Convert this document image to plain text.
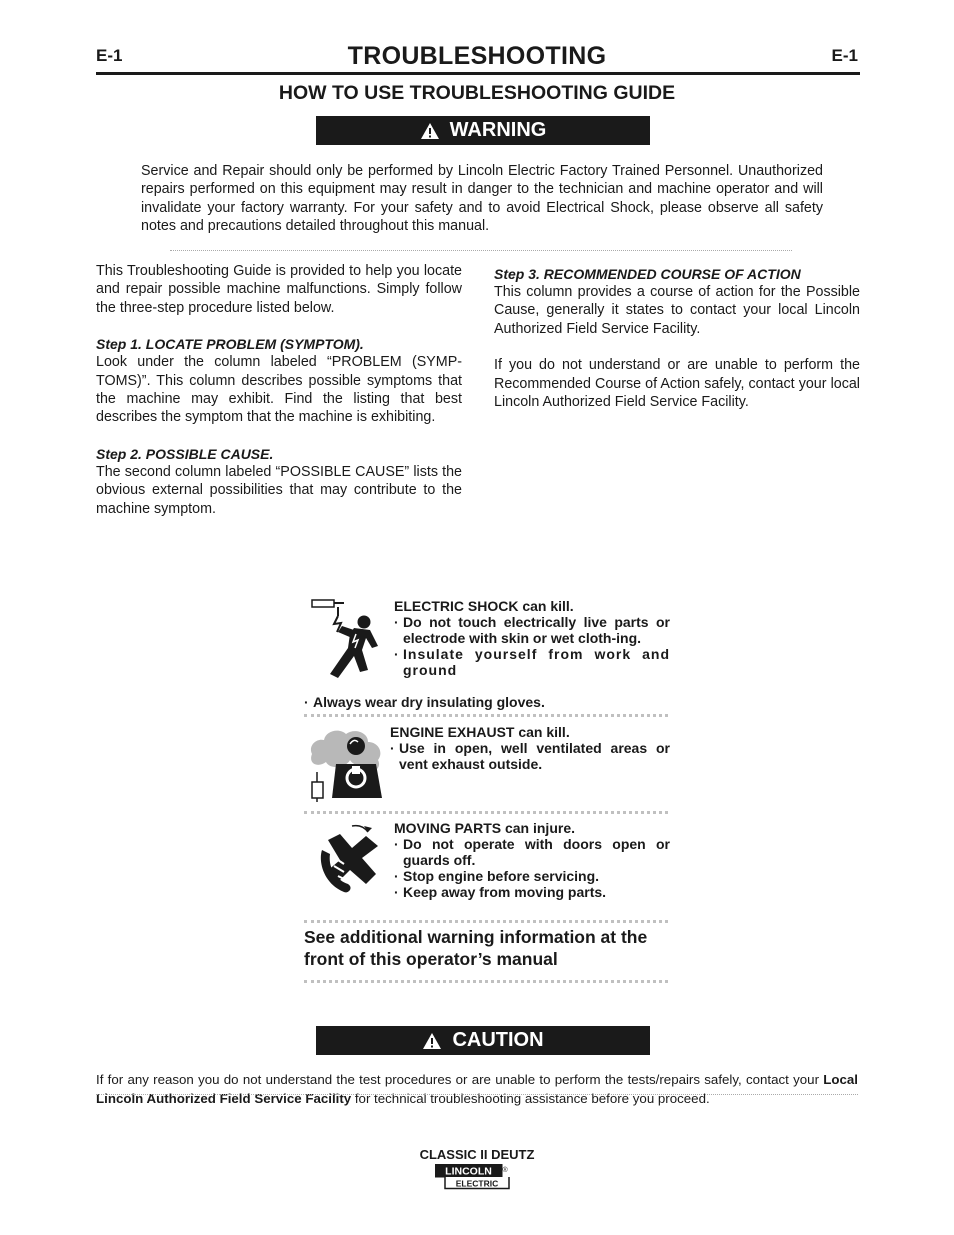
E-1	TROUBLESHOOTING	E-1
HOW TO USE TROUBLESHOOTING GUIDE
WARNING

Service and Repair should only be performed by Lincoln Electric Factory Trained Personnel. Unauthorized repairs performed on this equipment may result in danger to the technician and machine operator and will invalidate your factory warranty. For your safety and to avoid Electrical Shock, please observe all safety notes and precautions detailed throughout this manual.

This Troubleshooting Guide is provided to help you locate and repair possible machine malfunctions. Simply follow the three-step procedure listed below.

Step 1. LOCATE PROBLEM (SYMPTOM).

Look under the column labeled “PROBLEM (SYMP-TOMS)”. This column describes possible symptoms that the machine may exhibit. Find the listing that best describes the symptom that the machine is exhibiting.

Step 2. POSSIBLE CAUSE.

The second column labeled “POSSIBLE CAUSE” lists the obvious external possibilities that may contribute to the machine symptom.

Step 3. RECOMMENDED COURSE OF ACTION

This column provides a course of action for the Possible Cause, generally it states to contact your local Lincoln Authorized Field Service Facility.

If you do not understand or are unable to perform the Recommended Course of Action safely, contact your local Lincoln Authorized Field Service Facility.

ELECTRIC SHOCK can kill.
· Do not touch electrically live parts or electrode with skin or wet cloth-ing.
· Insulate yourself from work and ground
· Always wear dry insulating gloves.
ENGINE EXHAUST can kill.
· Use in open, well ventilated areas or vent exhaust outside.
MOVING PARTS can injure.
· Do not operate with doors open or guards off.
· Stop engine before servicing.
· Keep away from moving parts.
See additional warning information at the front of this operator’s manual
CAUTION

If for any reason you do not understand the test procedures or are unable to perform the tests/repairs safely, contact your Local Lincoln Authorized Field Service Facility for technical troubleshooting assistance before you proceed.

CLASSIC II DEUTZ
LINCOLN
ELECTRIC
®
